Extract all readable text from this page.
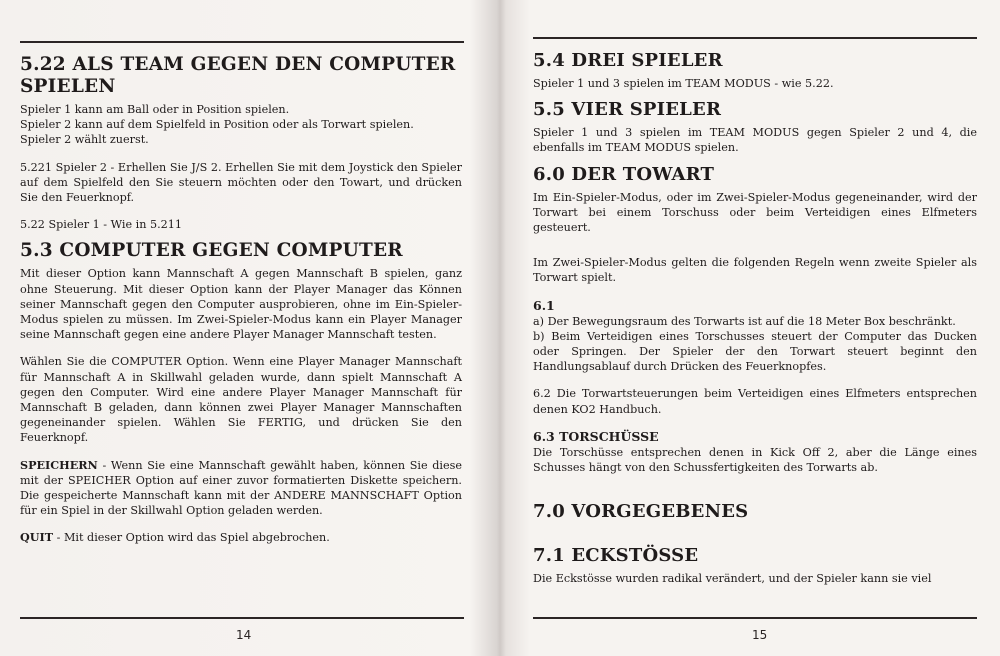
5.22 ALS TEAM GEGEN DEN COMPUTER SPIELEN

Spieler 1 kann am Ball oder in Position spielen.
Spieler 2 kann auf dem Spielfeld in Position oder als Torwart spielen.
Spieler 2 wählt zuerst.

5.221 Spieler 2 - Erhellen Sie J/S 2. Erhellen Sie mit dem Joystick den Spieler auf dem Spielfeld den Sie steuern möchten oder den Towart, und drücken Sie den Feuerknopf.

5.22 Spieler 1 - Wie in 5.211

5.3 COMPUTER GEGEN COMPUTER

Mit dieser Option kann Mannschaft A gegen Mannschaft B spielen, ganz ohne Steuerung. Mit dieser Option kann der Player Manager das Können seiner Mannschaft gegen den Computer ausprobieren, ohne im Ein-Spieler-Modus spielen zu müssen. Im Zwei-Spieler-Modus kann ein Player Manager seine Mannschaft gegen eine andere Player Manager Mannschaft testen.

Wählen Sie die COMPUTER Option. Wenn eine Player Manager Mannschaft für Mannschaft A in Skillwahl geladen wurde, dann spielt Mannschaft A gegen den Computer. Wird eine andere Player Manager Mannschaft für Mannschaft B geladen, dann können zwei Player Manager Mannschaften gegeneinander spielen. Wählen Sie FERTIG, und drücken Sie den Feuerknopf.

SPEICHERN - Wenn Sie eine Mannschaft gewählt haben, können Sie diese mit der SPEICHER Option auf einer zuvor formatierten Diskette speichern. Die gespeicherte Mannschaft kann mit der ANDERE MANNSCHAFT Option für ein Spiel in der Skillwahl Option geladen werden.

QUIT - Mit dieser Option wird das Spiel abgebrochen.

14
5.4 DREI SPIELER

Spieler 1 und 3 spielen im TEAM MODUS - wie 5.22.

5.5 VIER SPIELER

Spieler 1 und 3 spielen im TEAM MODUS gegen Spieler 2 und 4, die ebenfalls im TEAM MODUS spielen.

6.0 DER TOWART

Im Ein-Spieler-Modus, oder im Zwei-Spieler-Modus gegeneinander, wird der Torwart bei einem Torschuss oder beim Verteidigen eines Elfmeters gesteuert.

Im Zwei-Spieler-Modus gelten die folgenden Regeln wenn zweite Spieler als Torwart spielt.

6.1

a) Der Bewegungsraum des Torwarts ist auf die 18 Meter Box beschränkt.

b) Beim Verteidigen eines Torschusses steuert der Computer das Ducken oder Springen. Der Spieler der den Torwart steuert beginnt den Handlungsablauf durch Drücken des Feuerknopfes.

6.2 Die Torwartsteuerungen beim Verteidigen eines Elfmeters entsprechen denen KO2 Handbuch.

6.3 TORSCHÜSSE

Die Torschüsse entsprechen denen in Kick Off 2, aber die Länge eines Schusses hängt von den Schussfertigkeiten des Torwarts ab.

7.0 VORGEGEBENES
7.1 ECKSTÖSSE

Die Eckstösse wurden radikal verändert, und der Spieler kann sie viel

15
